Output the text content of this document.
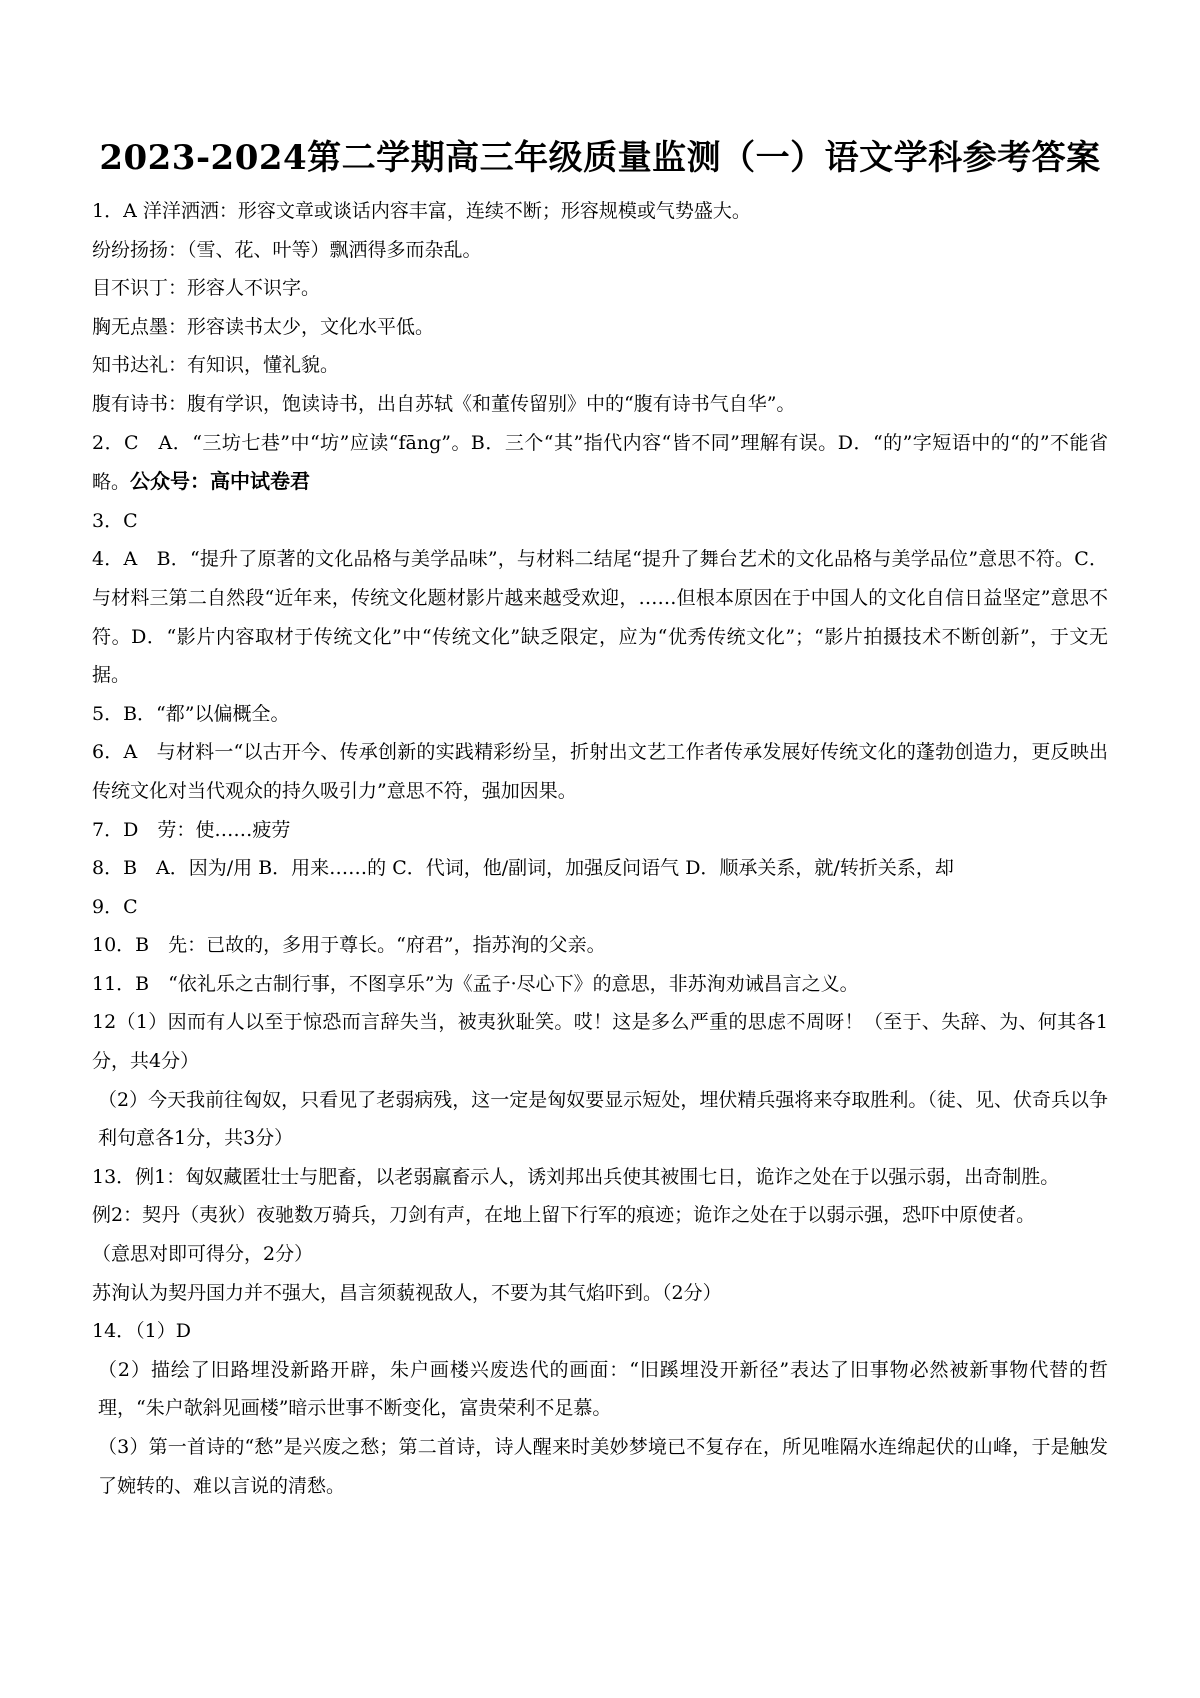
2023-2024第二学期高三年级质量监测（一）语文学科参考答案

1．A 洋洋洒洒：形容文章或谈话内容丰富，连续不断；形容规模或气势盛大。

纷纷扬扬：（雪、花、叶等）飘洒得多而杂乱。

目不识丁：形容人不识字。

胸无点墨：形容读书太少，文化水平低。

知书达礼：有知识，懂礼貌。

腹有诗书：腹有学识，饱读诗书，出自苏轼《和董传留别》中的“腹有诗书气自华”。

2．C　A．“三坊七巷”中“坊”应读“fāng”。B．三个“其”指代内容“皆不同”理解有误。D．“的”字短语中的“的”不能省略。公众号：高中试卷君

3．C

4．A　B．“提升了原著的文化品格与美学品味”，与材料二结尾“提升了舞台艺术的文化品格与美学品位”意思不符。C．与材料三第二自然段“近年来，传统文化题材影片越来越受欢迎，……但根本原因在于中国人的文化自信日益坚定”意思不符。D．“影片内容取材于传统文化”中“传统文化”缺乏限定，应为“优秀传统文化”；“影片拍摄技术不断创新”，于文无据。

5．B．“都”以偏概全。

6．A　与材料一“以古开今、传承创新的实践精彩纷呈，折射出文艺工作者传承发展好传统文化的蓬勃创造力，更反映出传统文化对当代观众的持久吸引力”意思不符，强加因果。

7．D　劳：使……疲劳

8．B　A．因为/用 B．用来……的 C．代词，他/副词，加强反问语气 D．顺承关系，就/转折关系，却

9．C

10．B　先：已故的，多用于尊长。“府君”，指苏洵的父亲。

11．B　“依礼乐之古制行事，不图享乐”为《孟子·尽心下》的意思，非苏洵劝诫昌言之义。

12（1）因而有人以至于惊恐而言辞失当，被夷狄耻笑。哎！这是多么严重的思虑不周呀！（至于、失辞、为、何其各1分，共4分）

（2）今天我前往匈奴，只看见了老弱病残，这一定是匈奴要显示短处，埋伏精兵强将来夺取胜利。（徒、见、伏奇兵以争利句意各1分，共3分）

13．例1：匈奴藏匿壮士与肥畜，以老弱羸畜示人，诱刘邦出兵使其被围七日，诡诈之处在于以强示弱，出奇制胜。

例2：契丹（夷狄）夜驰数万骑兵，刀剑有声，在地上留下行军的痕迹；诡诈之处在于以弱示强，恐吓中原使者。

（意思对即可得分，2分）

苏洵认为契丹国力并不强大，昌言须藐视敌人，不要为其气焰吓到。（2分）

14．（1）D

（2）描绘了旧路埋没新路开辟，朱户画楼兴废迭代的画面：“旧蹊埋没开新径”表达了旧事物必然被新事物代替的哲理，“朱户欹斜见画楼”暗示世事不断变化，富贵荣利不足慕。

（3）第一首诗的“愁”是兴废之愁；第二首诗，诗人醒来时美妙梦境已不复存在，所见唯隔水连绵起伏的山峰，于是触发了婉转的、难以言说的清愁。
